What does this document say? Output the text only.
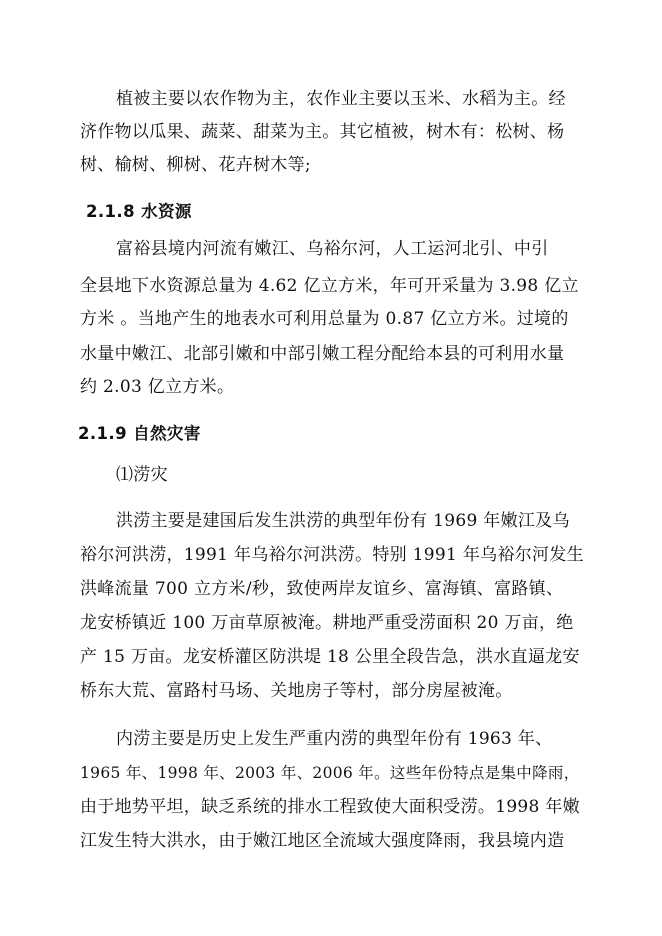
植被主要以农作物为主，农作业主要以玉米、水稻为主。经
济作物以瓜果、蔬菜、甜菜为主。其它植被，树木有：松树、杨
树、榆树、柳树、花卉树木等;
2.1.8 水资源
富裕县境内河流有嫩江、乌裕尔河，人工运河北引、中引
全县地下水资源总量为 4.62 亿立方米，年可开采量为 3.98 亿立
方米 。当地产生的地表水可利用总量为 0.87 亿立方米。过境的
水量中嫩江、北部引嫩和中部引嫩工程分配给本县的可利用水量
约 2.03 亿立方米。
2.1.9 自然灾害
⑴涝灾
洪涝主要是建国后发生洪涝的典型年份有 1969 年嫩江及乌
裕尔河洪涝，1991 年乌裕尔河洪涝。特别 1991 年乌裕尔河发生
洪峰流量 700 立方米/秒，致使两岸友谊乡、富海镇、富路镇、
龙安桥镇近 100 万亩草原被淹。耕地严重受涝面积 20 万亩，绝
产 15 万亩。龙安桥灌区防洪堤 18 公里全段告急，洪水直逼龙安
桥东大荒、富路村马场、关地房子等村，部分房屋被淹。
内涝主要是历史上发生严重内涝的典型年份有 1963 年、
1965 年、1998 年、2003 年、2006 年。这些年份特点是集中降雨，
由于地势平坦，缺乏系统的排水工程致使大面积受涝。1998 年嫩
江发生特大洪水，由于嫩江地区全流域大强度降雨，我县境内造
